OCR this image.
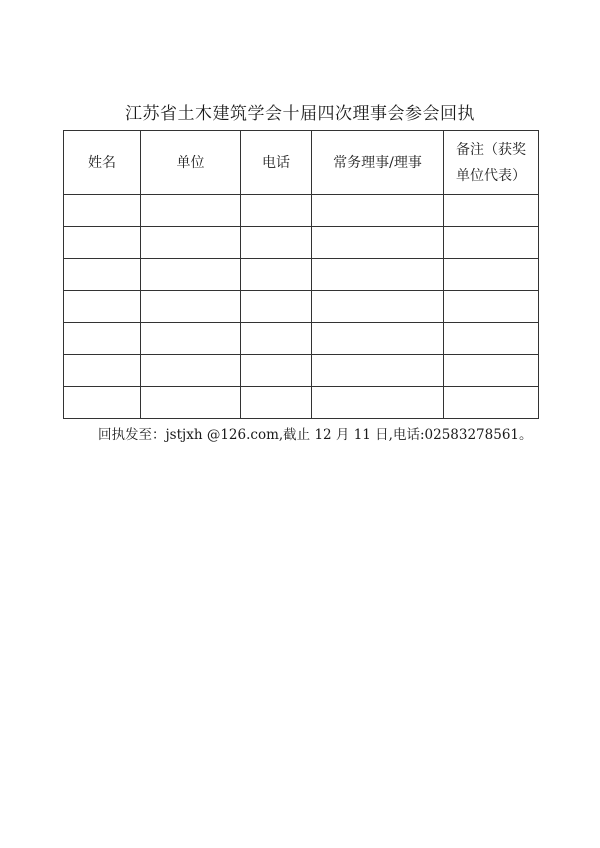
江苏省土木建筑学会十届四次理事会参会回执
姓名	单位	电话	常务理事/理事	备注（获奖单位代表）

回执发至：jstjxh @126.com,截止 12 月 11 日,电话:02583278561。
